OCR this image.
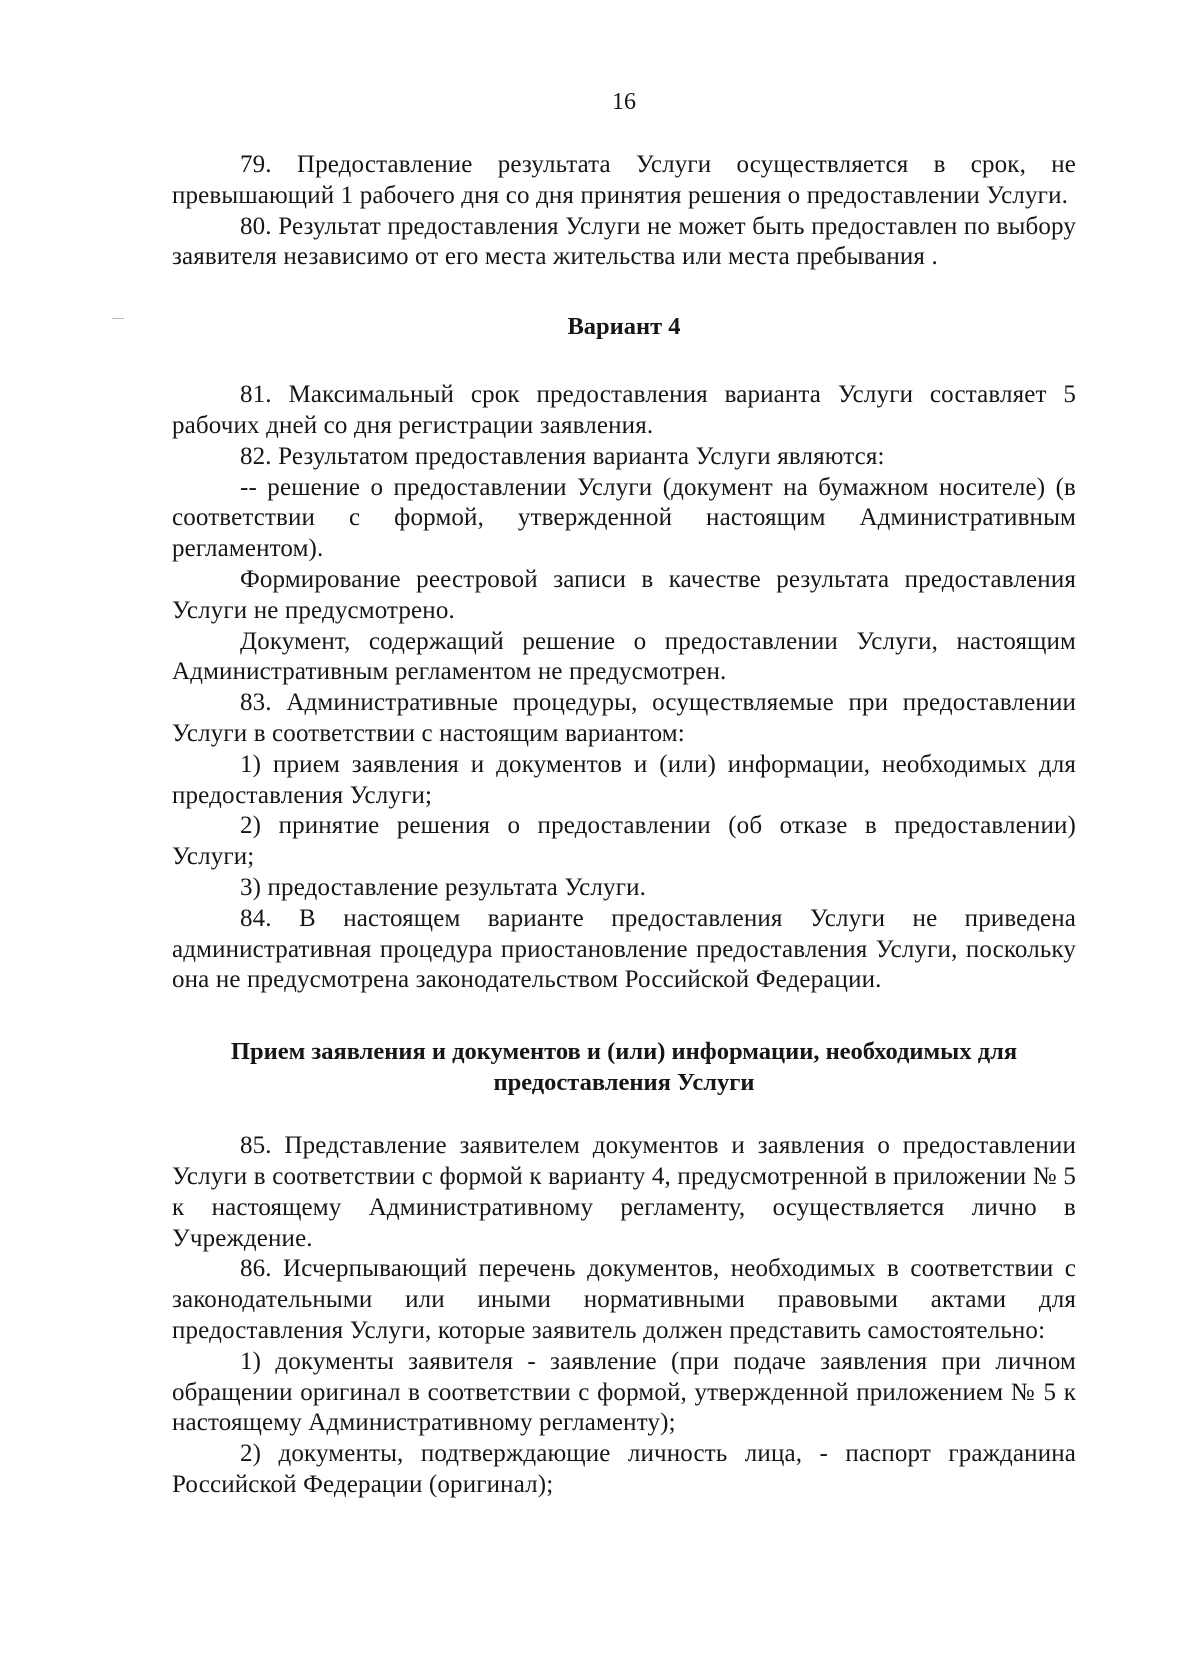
16

79. Предоставление результата Услуги осуществляется в срок, не превышающий 1 рабочего дня со дня принятия решения о предоставлении Услуги.

80. Результат предоставления Услуги не может быть предоставлен по выбору заявителя независимо от его места жительства или места пребывания .

Вариант 4

81. Максимальный срок предоставления варианта Услуги составляет 5 рабочих дней со дня регистрации заявления.

82. Результатом предоставления варианта Услуги являются:

-- решение о предоставлении Услуги (документ на бумажном носителе) (в соответствии с формой, утвержденной настоящим Административным регламентом).

Формирование реестровой записи в качестве результата предоставления Услуги не предусмотрено.

Документ, содержащий решение о предоставлении Услуги, настоящим Административным регламентом не предусмотрен.

83. Административные процедуры, осуществляемые при предоставлении Услуги в соответствии с настоящим вариантом:

1) прием заявления и документов и (или) информации, необходимых для предоставления Услуги;

2) принятие решения о предоставлении (об отказе в предоставлении) Услуги;

3) предоставление результата Услуги.

84. В настоящем варианте предоставления Услуги не приведена административная процедура приостановление предоставления Услуги, поскольку она не предусмотрена законодательством Российской Федерации.

Прием заявления и документов и (или) информации, необходимых для
предоставления Услуги

85. Представление заявителем документов и заявления о предоставлении Услуги в соответствии с формой к варианту 4, предусмотренной в приложении № 5 к настоящему Административному регламенту, осуществляется лично в Учреждение.

86. Исчерпывающий перечень документов, необходимых в соответствии с законодательными или иными нормативными правовыми актами для предоставления Услуги, которые заявитель должен представить самостоятельно:

1) документы заявителя - заявление (при подаче заявления при личном обращении оригинал в соответствии с формой, утвержденной приложением № 5 к настоящему Административному регламенту);

2) документы, подтверждающие личность лица, - паспорт гражданина Российской Федерации (оригинал);
